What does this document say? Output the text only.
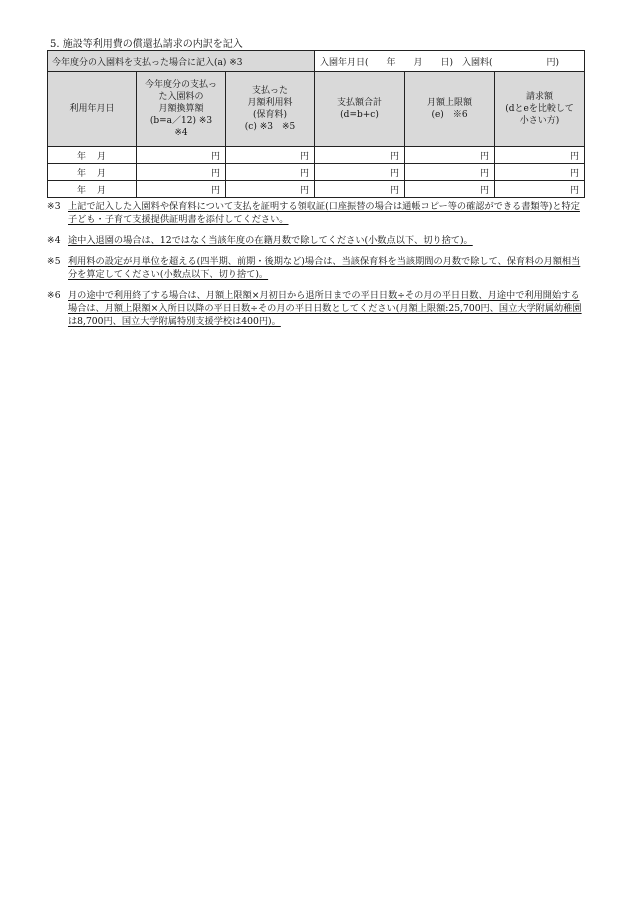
5. 施設等利用費の償還払請求の内訳を記入
今年度分の入園料を支払った場合に記入(a) ※3			入園年月日(　　年　　月　　日)　入園料(　　　　　　円)		

利用年月日	今年度分の支払っ
た入園料の
月額換算額
(b=a／12) ※3
※4	支払った
月額利用料
(保育料)
(c) ※3　※5	支払額合計
(d=b+c)	月額上限額
(e)　※6	請求額
(dとeを比較して
小さい方)

年　月	円	円	円	円	円
年　月	円	円	円	円	円
年　月	円	円	円	円	円
※3 上記で記入した入園料や保育料について支払を証明する領収証(口座振替の場合は通帳コピー等の確認ができる書類等)と特定子ども・子育て支援提供証明書を添付してください。
※4 途中入退園の場合は、12ではなく当該年度の在籍月数で除してください(小数点以下、切り捨て)。
※5 利用料の設定が月単位を超える(四半期、前期・後期など)場合は、当該保育料を当該期間の月数で除して、保育料の月額相当分を算定してください(小数点以下、切り捨て)。
※6 月の途中で利用終了する場合は、月額上限額×月初日から退所日までの平日日数÷その月の平日日数、月途中で利用開始する場合は、月額上限額×入所日以降の平日日数÷その月の平日日数としてください(月額上限額:25,700円、国立大学附属幼稚園は8,700円、国立大学附属特別支援学校は400円)。
